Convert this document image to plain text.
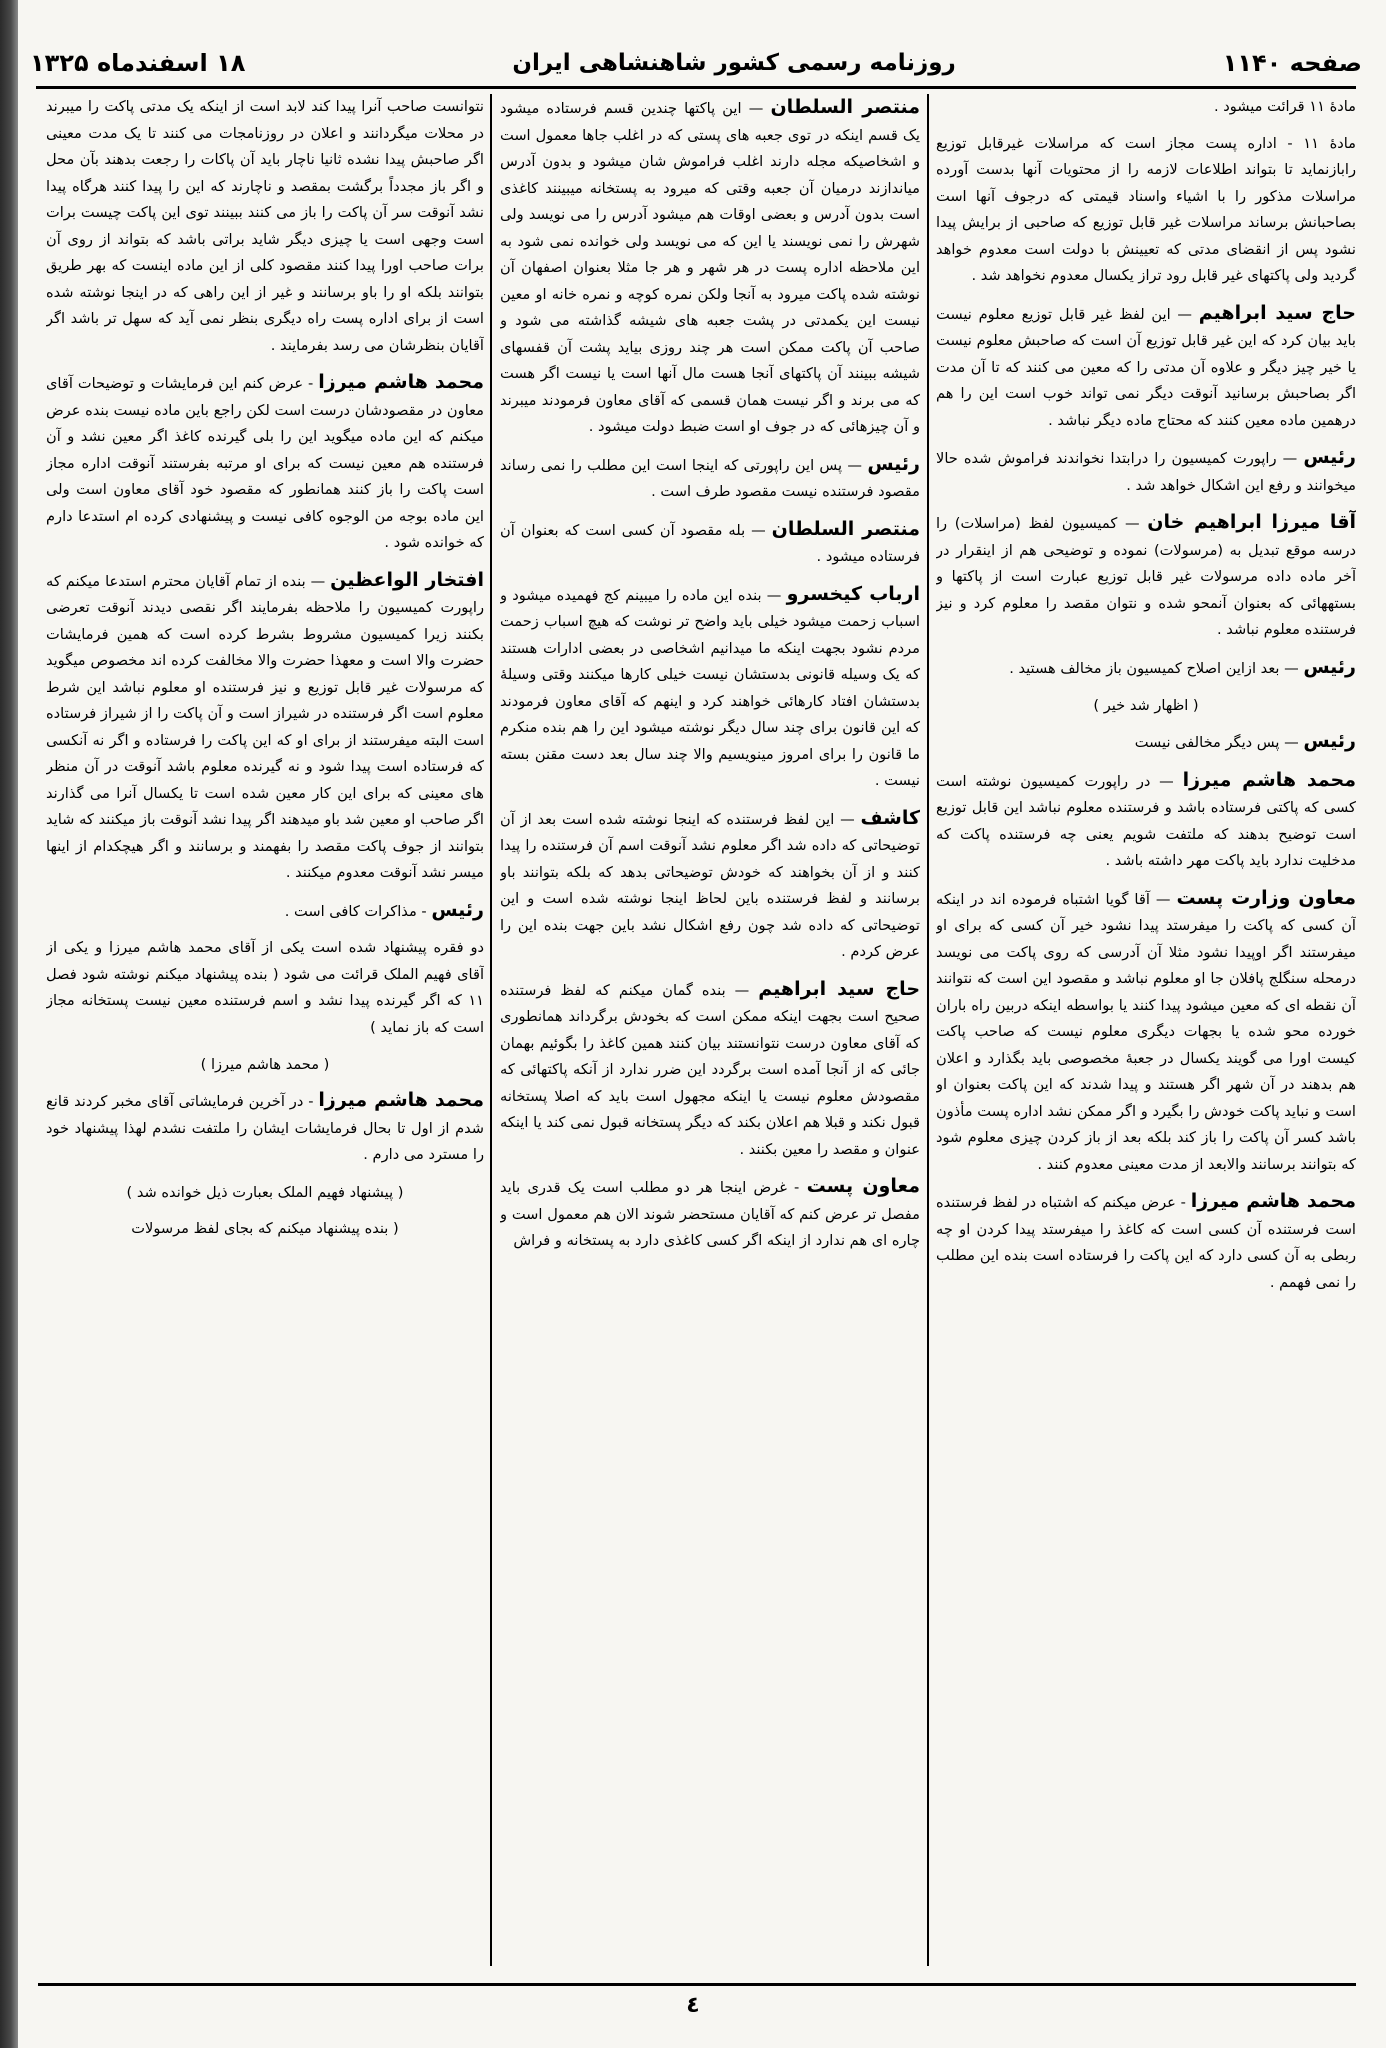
صفحه ۱۱۴۰
روزنامه رسمی کشور شاهنشاهی ایران
۱۸ اسفندماه ۱۳۲۵

مادهٔ ۱۱ قرائت میشود .

مادهٔ ۱۱ - اداره پست مجاز است که مراسلات غیرقابل توزیع رابازنماید تا بتواند اطلاعات لازمه را از محتویات آنها بدست آورده مراسلات مذکور را با اشیاء واسناد قیمتی که درجوف آنها است بصاحبانش برساند مراسلات غیر قابل توزیع که صاحبی از برایش پیدا نشود پس از انقضای مدتی که تعیینش با دولت است معدوم خواهد گردید ولی پاکتهای غیر قابل رود تراز یکسال معدوم نخواهد شد .

حاج سید ابراهیم — این لفظ غیر قابل توزیع معلوم نیست باید بیان کرد که این غیر قابل توزیع آن است که صاحبش معلوم نیست یا خیر چیز دیگر و علاوه آن مدتی را که معین می کنند که تا آن مدت اگر بصاحبش برسانید آنوقت دیگر نمی تواند خوب است این را هم درهمین ماده معین کنند که محتاج ماده دیگر نباشد .

رئیس — راپورت کمیسیون را درابتدا نخواندند فراموش شده حالا میخوانند و رفع این اشکال خواهد شد .

آقا میرزا ابراهیم خان — کمیسیون لفظ (مراسلات) را درسه موقع تبدیل به (مرسولات) نموده و توضیحی هم از اینقرار در آخر ماده داده مرسولات غیر قابل توزیع عبارت است از پاکتها و بستههائی که بعنوان آنمحو شده و نتوان مقصد را معلوم کرد و نیز فرستنده معلوم نباشد .

رئیس — بعد ازاین اصلاح کمیسیون باز مخالف هستید .

( اظهار شد خیر )

رئیس — پس دیگر مخالفی نیست

محمد هاشم میرزا — در راپورت کمیسیون نوشته است کسی که پاکتی فرستاده باشد و فرستنده معلوم نباشد این قابل توزیع است توضیح بدهند که ملتفت شویم یعنی چه فرستنده پاکت که مدخلیت ندارد باید پاکت مهر داشته باشد .

معاون وزارت پست — آقا گویا اشتباه فرموده اند در اینکه آن کسی که پاکت را میفرستد پیدا نشود خیر آن کسی که برای او میفرستند اگر اوپیدا نشود مثلا آن آدرسی که روی پاکت می نویسد درمحله سنگلج پافلان جا او معلوم نباشد و مقصود این است که نتوانند آن نقطه ای که معین میشود پیدا کنند یا بواسطه اینکه دربین راه باران خورده محو شده یا بجهات دیگری معلوم نیست که صاحب پاکت کیست اورا می گویند یکسال در جعبهٔ مخصوصی باید بگذارد و اعلان هم بدهند در آن شهر اگر هستند و پیدا شدند که این پاکت بعنوان او است و نباید پاکت خودش را بگیرد و اگر ممکن نشد اداره پست مأذون باشد کسر آن پاکت را باز کند بلکه بعد از باز کردن چیزی معلوم شود که بتوانند برسانند والابعد از مدت معینی معدوم کنند .

محمد هاشم میرزا - عرض میکنم که اشتباه در لفظ فرستنده است فرستنده آن کسی است که کاغذ را میفرستد پیدا کردن او چه ربطی به آن کسی دارد که این پاکت را فرستاده است بنده این مطلب را نمی فهمم .

منتصر السلطان — این پاکتها چندین قسم فرستاده میشود یک قسم اینکه در توی جعبه های پستی که در اغلب جاها معمول است و اشخاصیکه مجله دارند اغلب فراموش شان میشود و بدون آدرس میاندازند درمیان آن جعبه وقتی که میرود به پستخانه میبینند کاغذی است بدون آدرس و بعضی اوقات هم میشود آدرس را می نویسد ولی شهرش را نمی نویسند یا این که می نویسد ولی خوانده نمی شود به این ملاحظه اداره پست در هر شهر و هر جا مثلا بعنوان اصفهان آن نوشته شده پاکت میرود به آنجا ولکن نمره کوچه و نمره خانه او معین نیست این یکمدتی در پشت جعبه های شیشه گذاشته می شود و صاحب آن پاکت ممکن است هر چند روزی بیاید پشت آن قفسهای شیشه ببینند آن پاکتهای آنجا هست مال آنها است یا نیست اگر هست که می برند و اگر نیست همان قسمی که آقای معاون فرمودند میبرند و آن چیزهائی که در جوف او است ضبط دولت میشود .

رئیس — پس این راپورتی که اینجا است این مطلب را نمی رساند مقصود فرستنده نیست مقصود طرف است .

منتصر السلطان — بله مقصود آن کسی است که بعنوان آن فرستاده میشود .

ارباب کیخسرو — بنده این ماده را میبینم کج فهمیده میشود و اسباب زحمت میشود خیلی باید واضح تر نوشت که هیچ اسباب زحمت مردم نشود بجهت اینکه ما میدانیم اشخاصی در بعضی ادارات هستند که یک وسیله قانونی بدستشان نیست خیلی کارها میکنند وقتی وسیلهٔ بدستشان افتاد کارهائی خواهند کرد و اینهم که آقای معاون فرمودند که این قانون برای چند سال دیگر نوشته میشود این را هم بنده منکرم ما قانون را برای امروز مینویسیم والا چند سال بعد دست مقنن بسته نیست .

کاشف — این لفظ فرستنده که اینجا نوشته شده است بعد از آن توضیحاتی که داده شد اگر معلوم نشد آنوقت اسم آن فرستنده را پیدا کنند و از آن بخواهند که خودش توضیحاتی بدهد که بلکه بتوانند باو برسانند و لفظ فرستنده باین لحاظ اینجا نوشته شده است و این توضیحاتی که داده شد چون رفع اشکال نشد باین جهت بنده این را عرض کردم .

حاج سید ابراهیم — بنده گمان میکنم که لفظ فرستنده صحیح است بجهت اینکه ممکن است که بخودش برگرداند همانطوری که آقای معاون درست نتوانستند بیان کنند همین کاغذ را بگوئیم بهمان جائی که از آنجا آمده است برگردد این ضرر ندارد از آنکه پاکتهائی که مقصودش معلوم نیست یا اینکه مجهول است باید که اصلا پستخانه قبول نکند و قبلا هم اعلان بکند که دیگر پستخانه قبول نمی کند یا اینکه عنوان و مقصد را معین بکنند .

معاون پست - غرض اینجا هر دو مطلب است یک قدری باید مفصل تر عرض کنم که آقایان مستحضر شوند الان هم معمول است و چاره ای هم ندارد از اینکه اگر کسی کاغذی دارد به پستخانه و فراش

نتوانست صاحب آنرا پیدا کند لابد است از اینکه یک مدتی پاکت را میبرند در محلات میگردانند و اعلان در روزنامجات می کنند تا یک مدت معینی اگر صاحبش پیدا نشده ثانیا ناچار باید آن پاکات را رجعت بدهند بآن محل و اگر باز مجدداً برگشت بمقصد و ناچارند که این را پیدا کنند هرگاه پیدا نشد آنوقت سر آن پاکت را باز می کنند ببینند توی این پاکت چیست برات است وجهی است یا چیزی دیگر شاید براتی باشد که بتواند از روی آن برات صاحب اورا پیدا کنند مقصود کلی از این ماده اینست که بهر طریق بتوانند بلکه او را باو برسانند و غیر از این راهی که در اینجا نوشته شده است از برای اداره پست راه دیگری بنظر نمی آید که سهل تر باشد اگر آقایان بنظرشان می رسد بفرمایند .

محمد هاشم میرزا - عرض کنم این فرمایشات و توضیحات آقای معاون در مقصودشان درست است لکن راجع باین ماده نیست بنده عرض میکنم که این ماده میگوید این را بلی گیرنده کاغذ اگر معین نشد و آن فرستنده هم معین نیست که برای او مرتبه بفرستند آنوقت اداره مجاز است پاکت را باز کنند همانطور که مقصود خود آقای معاون است ولی این ماده بوجه من الوجوه کافی نیست و پیشنهادی کرده ام استدعا دارم که خوانده شود .

افتخار الواعظین — بنده از تمام آقایان محترم استدعا میکنم که راپورت کمیسیون را ملاحظه بفرمایند اگر نقصی دیدند آنوقت تعرضی بکنند زیرا کمیسیون مشروط بشرط کرده است که همین فرمایشات حضرت والا است و معهذا حضرت والا مخالفت کرده اند مخصوص میگوید که مرسولات غیر قابل توزیع و نیز فرستنده او معلوم نباشد این شرط معلوم است اگر فرستنده در شیراز است و آن پاکت را از شیراز فرستاده است البته میفرستند از برای او که این پاکت را فرستاده و اگر نه آنکسی که فرستاده است پیدا شود و نه گیرنده معلوم باشد آنوقت در آن منظر های معینی که برای این کار معین شده است تا یکسال آنرا می گذارند اگر صاحب او معین شد باو میدهند اگر پیدا نشد آنوقت باز میکنند که شاید بتوانند از جوف پاکت مقصد را بفهمند و برسانند و اگر هیچکدام از اینها میسر نشد آنوقت معدوم میکنند .

رئیس - مذاکرات کافی است .

دو فقره پیشنهاد شده است یکی از آقای محمد هاشم میرزا و یکی از آقای فهیم الملک قرائت می شود ( بنده پیشنهاد میکنم نوشته شود فصل ۱۱ که اگر گیرنده پیدا نشد و اسم فرستنده معین نیست پستخانه مجاز است که باز نماید )

( محمد هاشم میرزا )

محمد هاشم میرزا - در آخرین فرمایشاتی آقای مخبر کردند قانع شدم از اول تا بحال فرمایشات ایشان را ملتفت نشدم لهذا پیشنهاد خود را مسترد می دارم .

( پیشنهاد فهیم الملک بعبارت ذیل خوانده شد )

( بنده پیشنهاد میکنم که بجای لفظ مرسولات

٤
